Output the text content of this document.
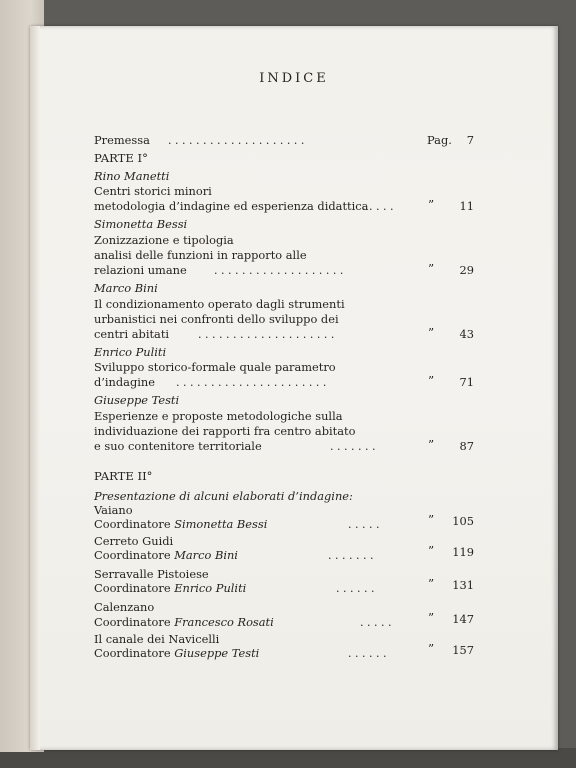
INDICE
Premessa . . . . . . . . . . . . . . . . . . . .	Pag.	7
PARTE I°
Rino Manetti
Centri storici minori
metodologia d’indagine ed esperienza didattica
. . . . .	”	11
Simonetta Bessi
Zonizzazione e tipologia
analisi delle funzioni in rapporto alle
relazioni umane . . . . . . . . . . . . . . . . . . .	”	29
Marco Bini
Il condizionamento operato dagli strumenti
urbanistici nei confronti dello sviluppo dei
centri abitati	. . . . . . . . . . . . . . . . . . . .	”	43
Enrico Puliti
Sviluppo storico-formale quale parametro
d’indagine . . . . . . . . . . . . . . . . . . . . . .	”	71
Giuseppe Testi
Esperienze e proposte metodologiche sulla
individuazione dei rapporti fra centro abitato
e suo contenitore territoriale	. . . . . . .	”	87
PARTE II°
Presentazione di alcuni elaborati d’indagine:
Vaiano
Coordinatore Simonetta Bessi	. . . . .	”	105
Cerreto Guidi
Coordinatore Marco Bini	. . . . . . .	”	119
Serravalle Pistoiese
Coordinatore Enrico Puliti	. . . . . .	”	131
Calenzano
Coordinatore Francesco Rosati	. . . . .	”	147
Il canale dei Navicelli
Coordinatore Giuseppe Testi	. . . . . .	”	157
